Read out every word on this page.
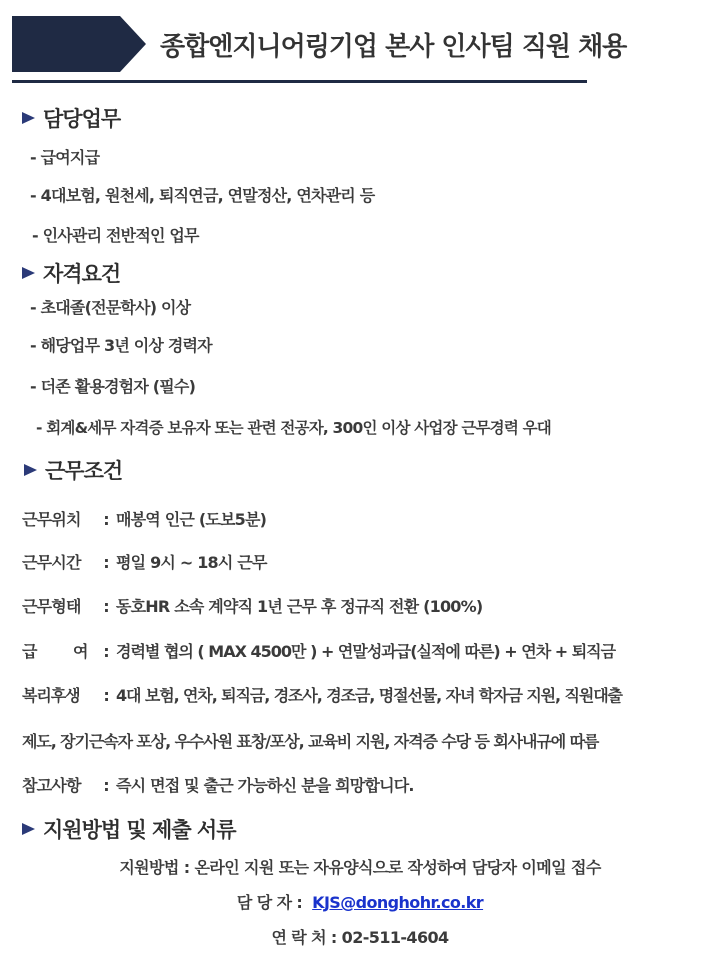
종합엔지니어링기업 본사 인사팀 직원 채용
담당업무
- 급여지급
- 4대보험, 원천세, 퇴직연금, 연말정산, 연차관리 등
- 인사관리 전반적인 업무
자격요건
- 초대졸(전문학사) 이상
- 해당업무 3년 이상 경력자
- 더존 활용경험자 (필수)
- 회계&세무 자격증 보유자 또는 관련 전공자, 300인 이상 사업장 근무경력 우대
근무조건
근무위치 : 매봉역 인근 (도보5분)
근무시간 : 평일 9시 ~ 18시 근무
근무형태 : 동호HR 소속 계약직 1년 근무 후 정규직 전환 (100%)
급        여 : 경력별 협의 ( MAX 4500만 ) + 연말성과급(실적에 따른) + 연차 + 퇴직금
복리후생 : 4대 보험, 연차, 퇴직금, 경조사, 경조금, 명절선물, 자녀 학자금 지원, 직원대출
제도, 장기근속자 포상, 우수사원 표창/포상, 교육비 지원, 자격증 수당 등 회사내규에 따름
참고사항 : 즉시 면접 및 출근 가능하신 분을 희망합니다.
지원방법 및 제출 서류
지원방법 : 온라인 지원 또는 자유양식으로 작성하여 담당자 이메일 접수
담 당 자 : KJS@donghohr.co.kr
연 락 처 : 02-511-4604
